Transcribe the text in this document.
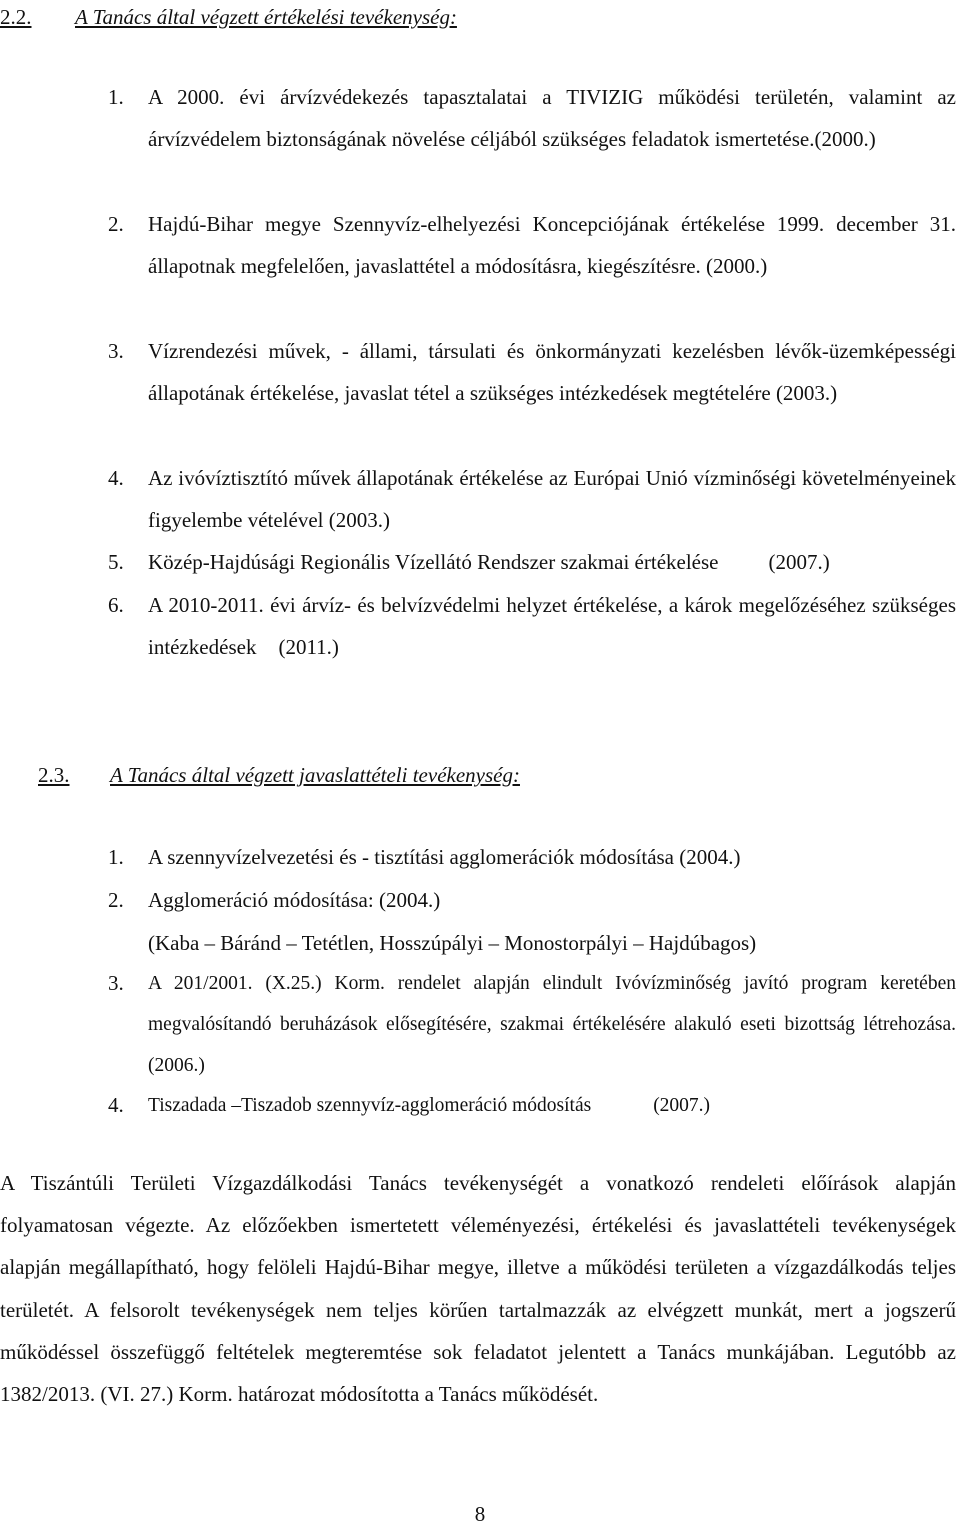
2.2. A Tanács által végzett értékelési tevékenység:
1. A 2000. évi árvízvédekezés tapasztalatai a TIVIZIG működési területén, valamint az árvízvédelem biztonságának növelése céljából szükséges feladatok ismertetése.(2000.)
2. Hajdú-Bihar megye Szennyvíz-elhelyezési Koncepciójának értékelése 1999. december 31. állapotnak megfelelően, javaslattétel a módosításra, kiegészítésre. (2000.)
3. Vízrendezési művek, - állami, társulati és önkormányzati kezelésben lévők-üzemképességi állapotának értékelése, javaslat tétel a szükséges intézkedések megtételére (2003.)
4. Az ivóvíztisztító művek állapotának értékelése az Európai Unió vízminőségi követelményeinek figyelembe vételével (2003.)
5. Közép-Hajdúsági Regionális Vízellátó Rendszer szakmai értékelése (2007.)
6. A 2010-2011. évi árvíz- és belvízvédelmi helyzet értékelése, a károk megelőzéséhez szükséges intézkedések (2011.)
2.3. A Tanács által végzett javaslattételi tevékenység:
1. A szennyvízelvezetési és - tisztítási agglomerációk módosítása (2004.)
2. Agglomeráció módosítása: (2004.)
(Kaba – Báránd – Tetétlen, Hosszúpályi – Monostorpályi – Hajdúbagos)
3. A 201/2001. (X.25.) Korm. rendelet alapján elindult Ivóvízminőség javító program keretében megvalósítandó beruházások elősegítésére, szakmai értékelésére alakuló eseti bizottság létrehozása. (2006.)
4. Tiszadada –Tiszadob szennyvíz-agglomeráció módosítás	(2007.)
A Tiszántúli Területi Vízgazdálkodási Tanács tevékenységét a vonatkozó rendeleti előírások alapján folyamatosan végezte. Az előzőekben ismertetett véleményezési, értékelési és javaslattételi tevékenységek alapján megállapítható, hogy felöleli Hajdú-Bihar megye, illetve a működési területen a vízgazdálkodás teljes területét. A felsorolt tevékenységek nem teljes körűen tartalmazzák az elvégzett munkát, mert a jogszerű működéssel összefüggő feltételek megteremtése sok feladatot jelentett a Tanács munkájában. Legutóbb az 1382/2013. (VI. 27.) Korm. határozat módosította a Tanács működését.
8
